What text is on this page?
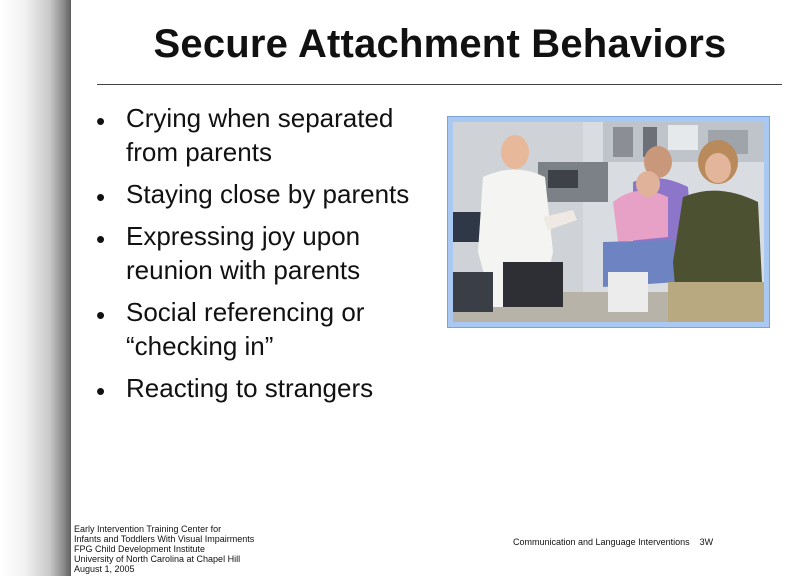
Secure Attachment Behaviors
• Crying when separated from parents
• Staying close by parents
• Expressing joy upon reunion with parents
• Social referencing or “checking in”
• Reacting to strangers
Early Intervention Training Center for
Infants and Toddlers With Visual Impairments
FPG Child Development Institute
University of North Carolina at Chapel Hill
August 1, 2005
Communication and Language Interventions 3W
